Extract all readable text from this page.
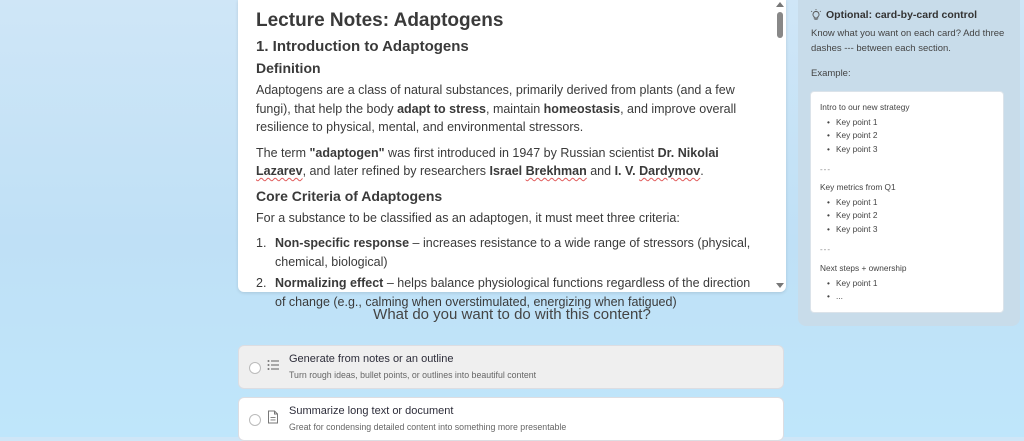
Lecture Notes: Adaptogens
1. Introduction to Adaptogens
Definition

Adaptogens are a class of natural substances, primarily derived from plants (and a few fungi), that help the body adapt to stress, maintain homeostasis, and improve overall resilience to physical, mental, and environmental stressors.

The term "adaptogen" was first introduced in 1947 by Russian scientist Dr. Nikolai Lazarev, and later refined by researchers Israel Brekhman and I. V. Dardymov.

Core Criteria of Adaptogens

For a substance to be classified as an adaptogen, it must meet three criteria:

1. Non-specific response – increases resistance to a wide range of stressors (physical, chemical, biological)
2. Normalizing effect – helps balance physiological functions regardless of the direction of change (e.g., calming when overstimulated, energizing when fatigued)
What do you want to do with this content?
Generate from notes or an outline
Turn rough ideas, bullet points, or outlines into beautiful content
Summarize long text or document
Great for condensing detailed content into something more presentable
Optional: card-by-card control
Know what you want on each card? Add three dashes --- between each section.
Example:
Intro to our new strategy
• Key point 1
• Key point 2
• Key point 3
---
Key metrics from Q1
• Key point 1
• Key point 2
• Key point 3
---
Next steps + ownership
• Key point 1
• ...
